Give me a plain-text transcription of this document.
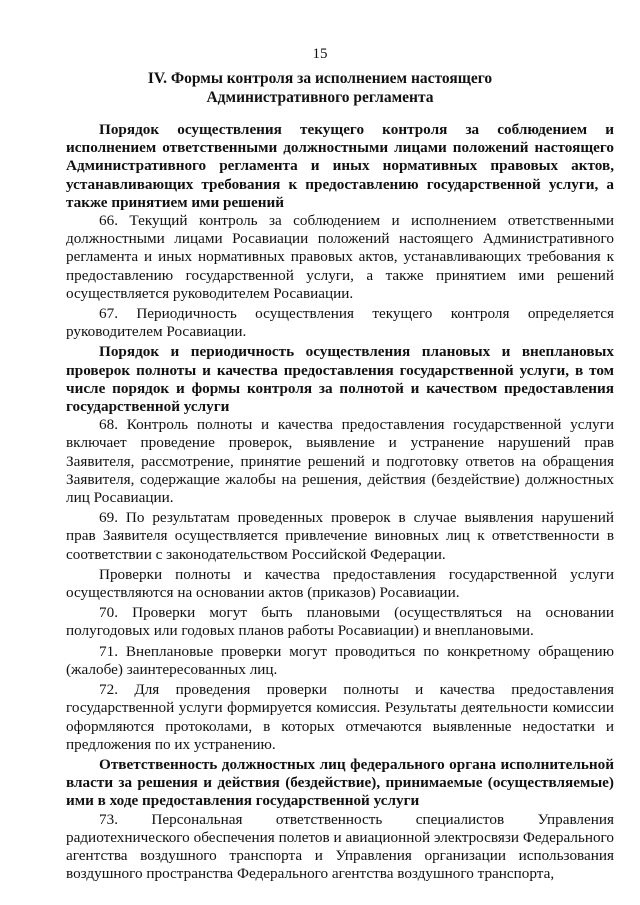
15
IV. Формы контроля за исполнением настоящего Административного регламента

Порядок осуществления текущего контроля за соблюдением и исполнением ответственными должностными лицами положений настоящего Административного регламента и иных нормативных правовых актов, устанавливающих требования к предоставлению государственной услуги, а также принятием ими решений

66. Текущий контроль за соблюдением и исполнением ответственными должностными лицами Росавиации положений настоящего Административного регламента и иных нормативных правовых актов, устанавливающих требования к предоставлению государственной услуги, а также принятием ими решений осуществляется руководителем Росавиации.

67. Периодичность осуществления текущего контроля определяется руководителем Росавиации.

Порядок и периодичность осуществления плановых и внеплановых проверок полноты и качества предоставления государственной услуги, в том числе порядок и формы контроля за полнотой и качеством предоставления государственной услуги

68. Контроль полноты и качества предоставления государственной услуги включает проведение проверок, выявление и устранение нарушений прав Заявителя, рассмотрение, принятие решений и подготовку ответов на обращения Заявителя, содержащие жалобы на решения, действия (бездействие) должностных лиц Росавиации.

69. По результатам проведенных проверок в случае выявления нарушений прав Заявителя осуществляется привлечение виновных лиц к ответственности в соответствии с законодательством Российской Федерации.

Проверки полноты и качества предоставления государственной услуги осуществляются на основании актов (приказов) Росавиации.

70. Проверки могут быть плановыми (осуществляться на основании полугодовых или годовых планов работы Росавиации) и внеплановыми.

71. Внеплановые проверки могут проводиться по конкретному обращению (жалобе) заинтересованных лиц.

72. Для проведения проверки полноты и качества предоставления государственной услуги формируется комиссия. Результаты деятельности комиссии оформляются протоколами, в которых отмечаются выявленные недостатки и предложения по их устранению.

Ответственность должностных лиц федерального органа исполнительной власти за решения и действия (бездействие), принимаемые (осуществляемые) ими в ходе предоставления государственной услуги

73. Персональная ответственность специалистов Управления радиотехнического обеспечения полетов и авиационной электросвязи Федерального агентства воздушного транспорта и Управления организации использования воздушного пространства Федерального агентства воздушного транспорта,
